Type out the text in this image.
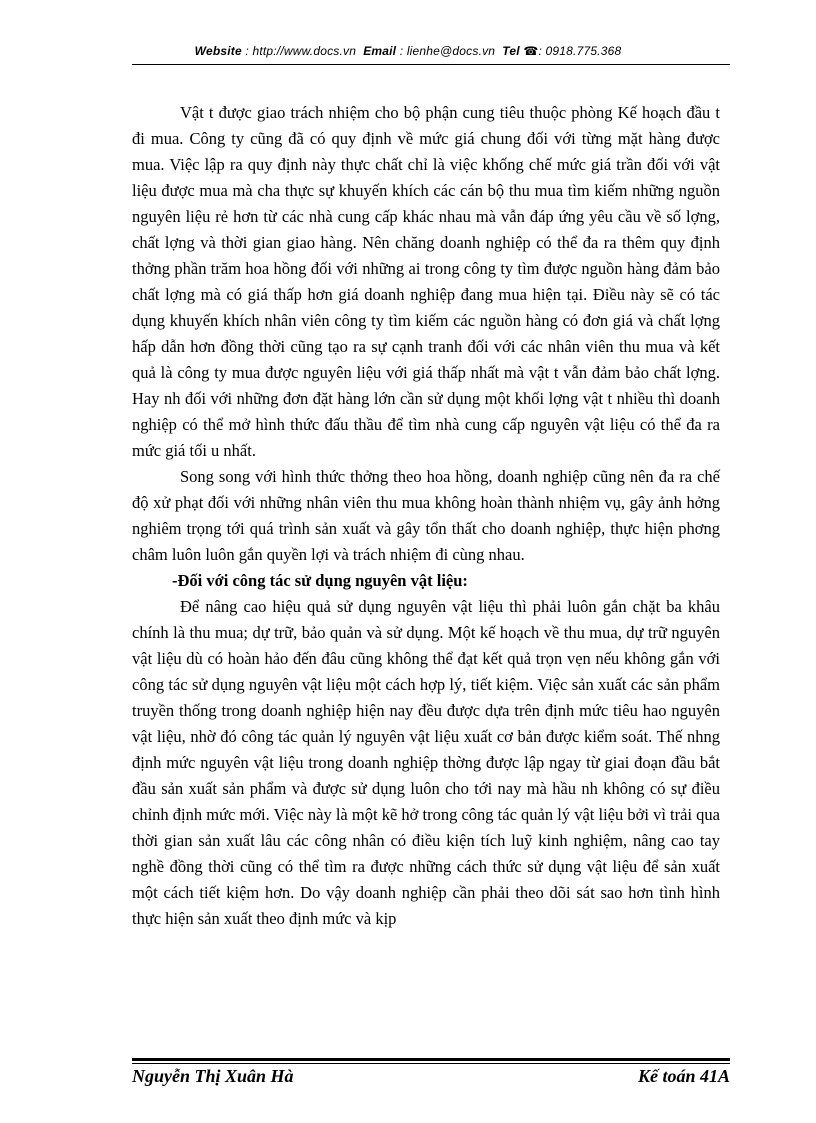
Website : http://www.docs.vn Email : lienhe@docs.vn Tel ☎: 0918.775.368

Vật t được giao trách nhiệm cho bộ phận cung tiêu thuộc phòng Kế hoạch đầu t đi mua. Công ty cũng đã có quy định về mức giá chung đối với từng mặt hàng được mua. Việc lập ra quy định này thực chất chỉ là việc khống chế mức giá trần đối với vật liệu được mua mà cha thực sự khuyến khích các cán bộ thu mua tìm kiếm những nguồn nguyên liệu rẻ hơn từ các nhà cung cấp khác nhau mà vẫn đáp ứng yêu cầu về số lợng, chất lợng và thời gian giao hàng. Nên chăng doanh nghiệp có thể đa ra thêm quy định thởng phần trăm hoa hồng đối với những ai trong công ty tìm được nguồn hàng đảm bảo chất lợng mà có giá thấp hơn giá doanh nghiệp đang mua hiện tại. Điều này sẽ có tác dụng khuyến khích nhân viên công ty tìm kiếm các nguồn hàng có đơn giá và chất lợng hấp dẫn hơn đồng thời cũng tạo ra sự cạnh tranh đối với các nhân viên thu mua và kết quả là công ty mua được nguyên liệu với giá thấp nhất mà vật t vẫn đảm bảo chất lợng. Hay nh đối với những đơn đặt hàng lớn cần sử dụng một khối lợng vật t nhiều thì doanh nghiệp có thể mở hình thức đấu thầu để tìm nhà cung cấp nguyên vật liệu có thể đa ra mức giá tối u nhất.

Song song với hình thức thởng theo hoa hồng, doanh nghiệp cũng nên đa ra chế độ xử phạt đối với những nhân viên thu mua không hoàn thành nhiệm vụ, gây ảnh hởng nghiêm trọng tới quá trình sản xuất và gây tổn thất cho doanh nghiệp, thực hiện phơng châm luôn luôn gắn quyền lợi và trách nhiệm đi cùng nhau.

-Đối với công tác sử dụng nguyên vật liệu:

Để nâng cao hiệu quả sử dụng nguyên vật liệu thì phải luôn gắn chặt ba khâu chính là thu mua; dự trữ, bảo quản và sử dụng. Một kế hoạch về thu mua, dự trữ nguyên vật liệu dù có hoàn hảo đến đâu cũng không thể đạt kết quả trọn vẹn nếu không gắn với công tác sử dụng nguyên vật liệu một cách hợp lý, tiết kiệm. Việc sản xuất các sản phẩm truyền thống trong doanh nghiệp hiện nay đều được dựa trên định mức tiêu hao nguyên vật liệu, nhờ đó công tác quản lý nguyên vật liệu xuất cơ bản được kiểm soát. Thế nhng định mức nguyên vật liệu trong doanh nghiệp thờng được lập ngay từ giai đoạn đầu bắt đầu sản xuất sản phẩm và được sử dụng luôn cho tới nay mà hầu nh không có sự điều chỉnh định mức mới. Việc này là một kẽ hở trong công tác quản lý vật liệu bởi vì trải qua thời gian sản xuất lâu các công nhân có điều kiện tích luỹ kinh nghiệm, nâng cao tay nghề đồng thời cũng có thể tìm ra được những cách thức sử dụng vật liệu để sản xuất một cách tiết kiệm hơn. Do vậy doanh nghiệp cần phải theo dõi sát sao hơn tình hình thực hiện sản xuất theo định mức và kịp

Nguyễn Thị Xuân Hà	Kế toán 41A
